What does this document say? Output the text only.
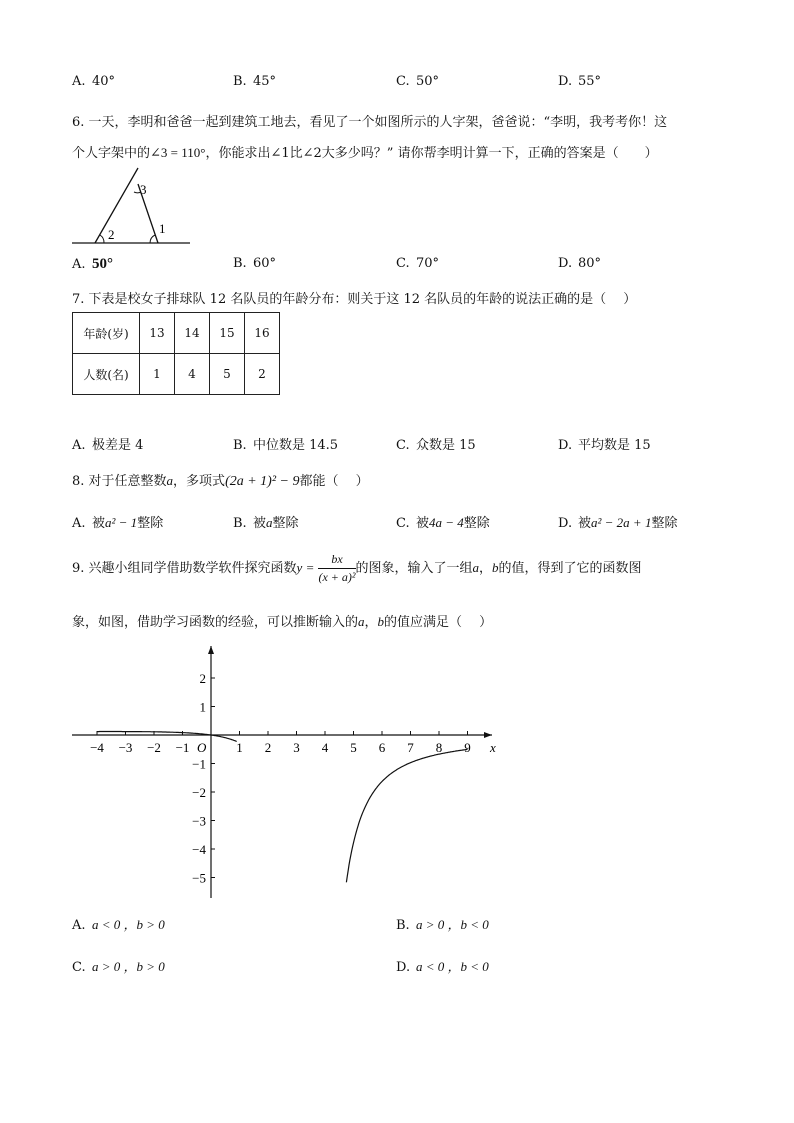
A. 40°	B. 45°	C. 50°	D. 55°
6. 一天，李明和爸爸一起到建筑工地去，看见了一个如图所示的人字架，爸爸说：“李明，我考考你！这
个人字架中的∠3 = 110°，你能求出∠1比∠2大多少吗？” 请你帮李明计算一下，正确的答案是（　　）
3
2	1
A. 50°	B. 60°	C. 70°	D. 80°
7. 下表是校女子排球队 12 名队员的年龄分布：则关于这 12 名队员的年龄的说法正确的是（　 ）
年龄(岁)	13	14	15	16
人数(名)	1	4	5	2
A. 极差是 4	B. 中位数是 14.5	C. 众数是 15	D. 平均数是 15
8. 对于任意整数a，多项式(2a + 1)² − 9都能（　 ）
A. 被a² − 1整除	B. 被a整除	C. 被4a − 4整除	D. 被a² − 2a + 1整除
9. 兴趣小组同学借助数学软件探究函数$y = \frac{bx}{\text{(x + a)²}}$ 的图象，输入了一组a，b的值，得到了它的函数图
象，如图，借助学习函数的经验，可以推断输入的a，b的值应满足（　 ）
x
O
−4 −3 −2 −1	1 2 3 4 5 6 7 8 9
2
1
−1
−2
−3
−4
−5
A. a < 0 ，b > 0	B. a > 0 ，b < 0
C. a > 0 ，b > 0	D. a < 0 ，b < 0
